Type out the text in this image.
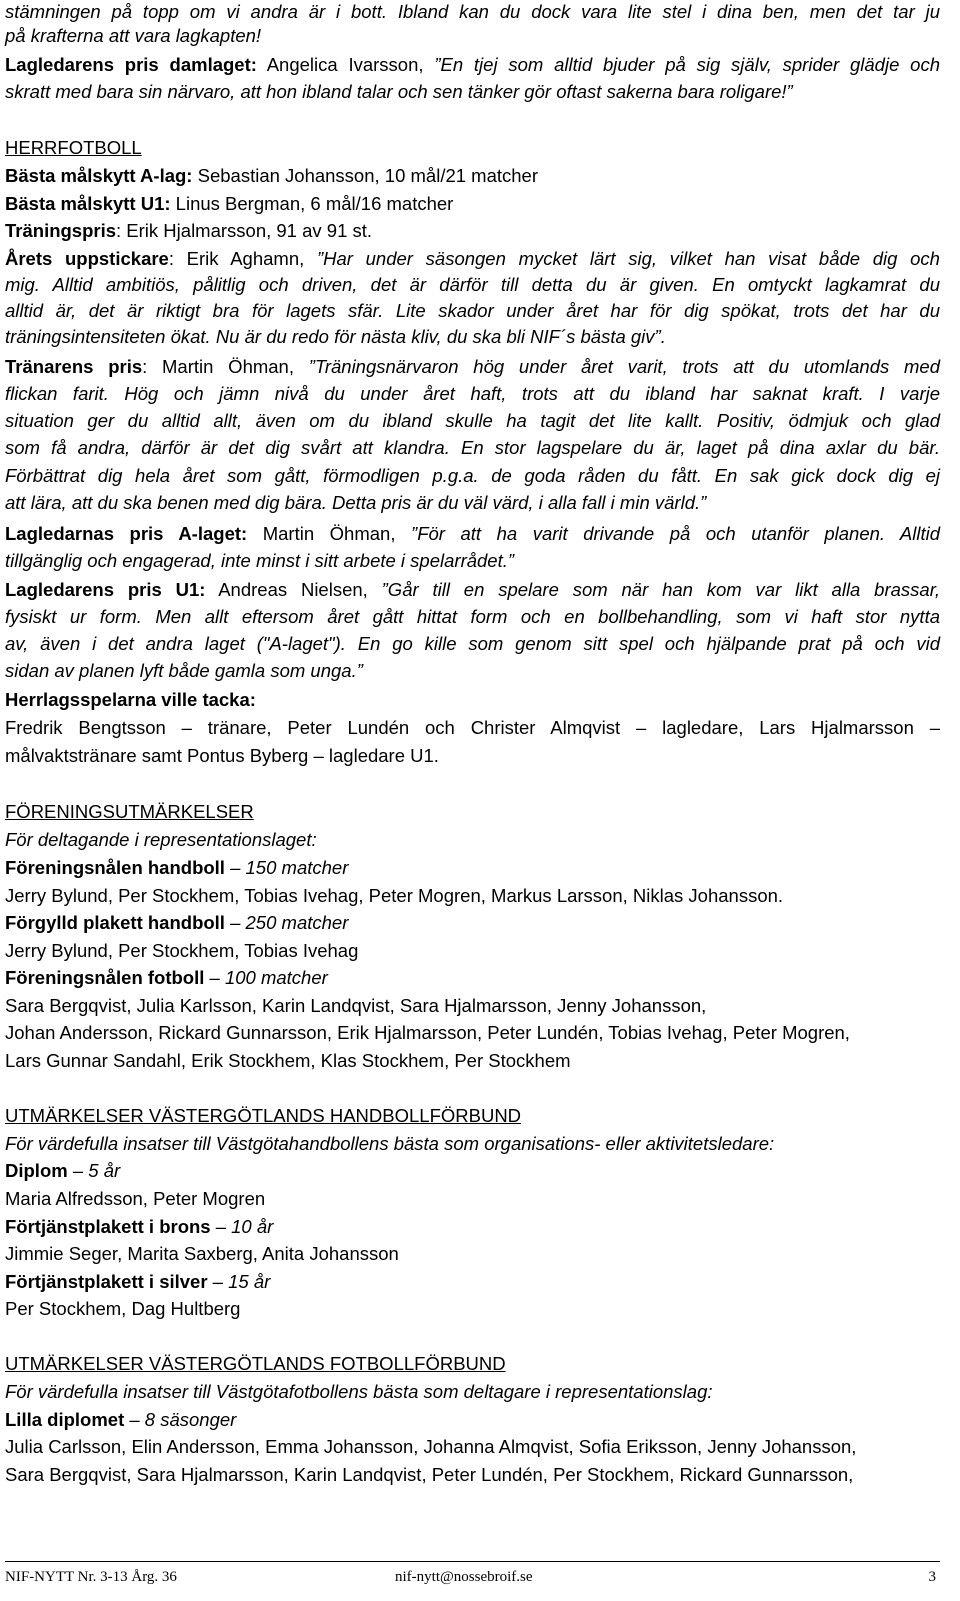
stämningen på topp om vi andra är i bott. Ibland kan du dock vara lite stel i dina ben, men det tar ju
på krafterna att vara lagkapten!
Lagledarens pris damlaget: Angelica Ivarsson, ”En tjej som alltid bjuder på sig själv, sprider glädje och
skratt med bara sin närvaro, att hon ibland talar och sen tänker gör oftast sakerna bara roligare!”
HERRFOTBOLL
Bästa målskytt A-lag: Sebastian Johansson, 10 mål/21 matcher
Bästa målskytt U1: Linus Bergman, 6 mål/16 matcher
Träningspris: Erik Hjalmarsson, 91 av 91 st.
Årets uppstickare: Erik Aghamn, ”Har under säsongen mycket lärt sig, vilket han visat både dig och
mig. Alltid ambitiös, pålitlig och driven, det är därför till detta du är given. En omtyckt lagkamrat du
alltid är, det är riktigt bra för lagets sfär. Lite skador under året har för dig spökat, trots det har du
träningsintensiteten ökat. Nu är du redo för nästa kliv, du ska bli NIF´s bästa giv”.
Tränarens pris: Martin Öhman, ”Träningsnärvaron hög under året varit, trots att du utomlands med
flickan farit. Hög och jämn nivå du under året haft, trots att du ibland har saknat kraft. I varje
situation ger du alltid allt, även om du ibland skulle ha tagit det lite kallt. Positiv, ödmjuk och glad
som få andra, därför är det dig svårt att klandra. En stor lagspelare du är, laget på dina axlar du bär.
Förbättrat dig hela året som gått, förmodligen p.g.a. de goda råden du fått. En sak gick dock dig ej
att lära, att du ska benen med dig bära. Detta pris är du väl värd, i alla fall i min värld.”
Lagledarnas pris A-laget: Martin Öhman, ”För att ha varit drivande på och utanför planen. Alltid
tillgänglig och engagerad, inte minst i sitt arbete i spelarrådet.”
Lagledarens pris U1: Andreas Nielsen, ”Går till en spelare som när han kom var likt alla brassar,
fysiskt ur form. Men allt eftersom året gått hittat form och en bollbehandling, som vi haft stor nytta
av, även i det andra laget ("A-laget"). En go kille som genom sitt spel och hjälpande prat på och vid
sidan av planen lyft både gamla som unga.”
Herrlagsspelarna ville tacka:
Fredrik Bengtsson – tränare, Peter Lundén och Christer Almqvist – lagledare, Lars Hjalmarsson –
målvaktstränare samt Pontus Byberg – lagledare U1.
FÖRENINGSUTMÄRKELSER
För deltagande i representationslaget:
Föreningsnålen handboll – 150 matcher
Jerry Bylund, Per Stockhem, Tobias Ivehag, Peter Mogren, Markus Larsson, Niklas Johansson.
Förgylld plakett handboll – 250 matcher
Jerry Bylund, Per Stockhem, Tobias Ivehag
Föreningsnålen fotboll – 100 matcher
Sara Bergqvist, Julia Karlsson, Karin Landqvist, Sara Hjalmarsson, Jenny Johansson,
Johan Andersson, Rickard Gunnarsson, Erik Hjalmarsson, Peter Lundén, Tobias Ivehag, Peter Mogren,
Lars Gunnar Sandahl, Erik Stockhem, Klas Stockhem, Per Stockhem
UTMÄRKELSER VÄSTERGÖTLANDS HANDBOLLFÖRBUND
För värdefulla insatser till Västgötahandbollens bästa som organisations- eller aktivitetsledare:
Diplom – 5 år
Maria Alfredsson, Peter Mogren
Förtjänstplakett i brons – 10 år
Jimmie Seger, Marita Saxberg, Anita Johansson
Förtjänstplakett i silver – 15 år
Per Stockhem, Dag Hultberg
UTMÄRKELSER VÄSTERGÖTLANDS FOTBOLLFÖRBUND
För värdefulla insatser till Västgötafotbollens bästa som deltagare i representationslag:
Lilla diplomet – 8 säsonger
Julia Carlsson, Elin Andersson, Emma Johansson, Johanna Almqvist, Sofia Eriksson, Jenny Johansson,
Sara Bergqvist, Sara Hjalmarsson, Karin Landqvist, Peter Lundén, Per Stockhem, Rickard Gunnarsson,
NIF-NYTT Nr. 3-13 Årg. 36	nif-nytt@nossebroif.se	3
